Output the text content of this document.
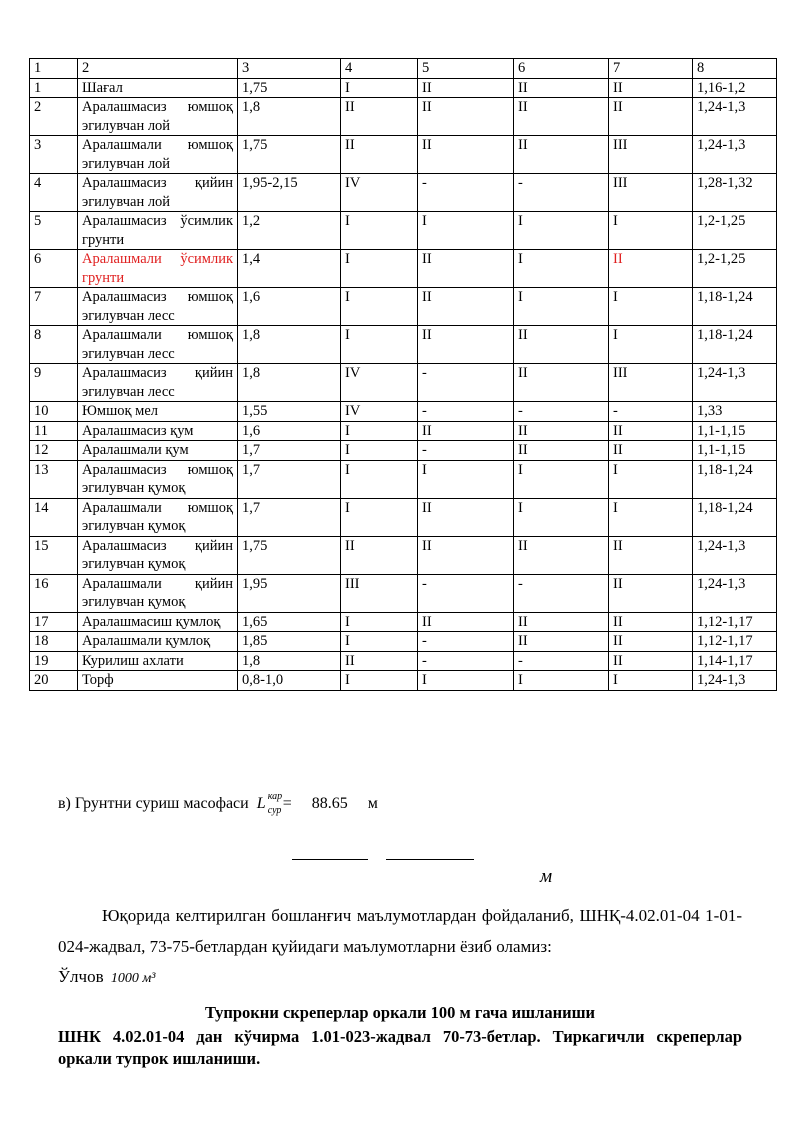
1	2	3	4	5	6	7	8
1	Шағал	1,75	I	II	II	II	1,16-1,2
2	Аралашмасиз юмшоқ эгилувчан лой	1,8	II	II	II	II	1,24-1,3
3	Аралашмали юмшоқ эгилувчан лой	1,75	II	II	II	III	1,24-1,3
4	Аралашмасиз қийин эгилувчан лой	1,95-2,15	IV	-	-	III	1,28-1,32
5	Аралашмасиз ўсимлик грунти	1,2	I	I	I	I	1,2-1,25
6	Аралашмали ўсимлик грунти	1,4	I	II	I	II	1,2-1,25
7	Аралашмасиз юмшоқ эгилувчан лесс	1,6	I	II	I	I	1,18-1,24
8	Аралашмали юмшоқ эгилувчан лесс	1,8	I	II	II	I	1,18-1,24
9	Аралашмасиз қийин эгилувчан лесс	1,8	IV	-	II	III	1,24-1,3
10	Юмшоқ мел	1,55	IV	-	-	-	1,33
11	Аралашмасиз қум	1,6	I	II	II	II	1,1-1,15
12	Аралашмали қум	1,7	I	-	II	II	1,1-1,15
13	Аралашмасиз юмшоқ эгилувчан қумоқ	1,7	I	I	I	I	1,18-1,24
14	Аралашмали юмшоқ эгилувчан қумоқ	1,7	I	II	I	I	1,18-1,24
15	Аралашмасиз қийин эгилувчан қумоқ	1,75	II	II	II	II	1,24-1,3
16	Аралашмали қийин эгилувчан қумоқ	1,95	III	-	-	II	1,24-1,3
17	Аралашмасиш қумлоқ	1,65	I	II	II	II	1,12-1,17
18	Аралашмали қумлоқ	1,85	I	-	II	II	1,12-1,17
19	Курилиш ахлати	1,8	II	-	-	II	1,14-1,17
20	Торф	0,8-1,0	I	I	I	I	1,24-1,3
в) Грунтни суриш масофаси L кар
сур = 88.65 м
м

Юқорида келтирилган бошланғич маълумотлардан фойдаланиб, ШНҚ-4.02.01-04 1-01-024-жадвал, 73-75-бетлардан қуйидаги маълумотларни ёзиб оламиз:

Ўлчов 1000 м³

Тупрокни скреперлар оркали 100 м гача ишланиши

ШНК 4.02.01-04 дан кўчирма 1.01-023-жадвал 70-73-бетлар. Тиркагичли скреперлар оркали тупрок ишланиши.
